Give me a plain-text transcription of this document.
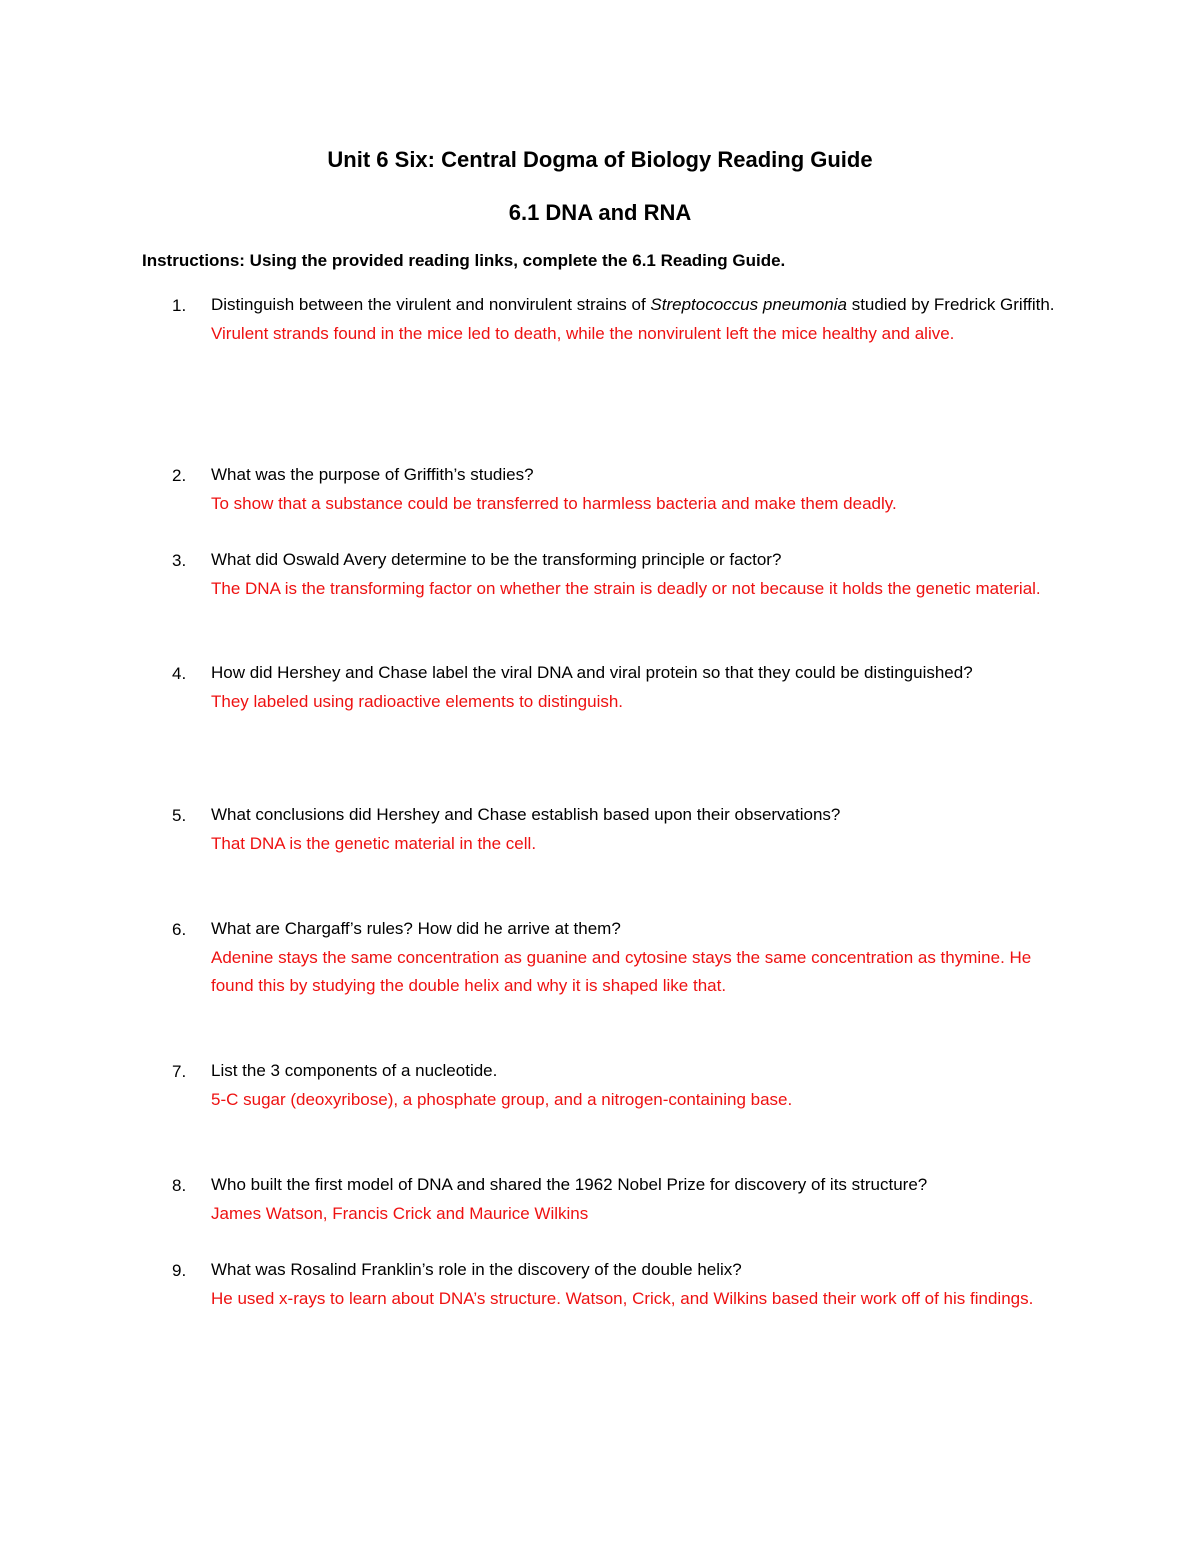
Unit 6 Six: Central Dogma of Biology Reading Guide
6.1 DNA and RNA

Instructions: Using the provided reading links, complete the 6.1 Reading Guide.

1. Distinguish between the virulent and nonvirulent strains of Streptococcus pneumonia studied by Fredrick Griffith.

Virulent strands found in the mice led to death, while the nonvirulent left the mice healthy and alive.

2. What was the purpose of Griffith’s studies?

To show that a substance could be transferred to harmless bacteria and make them deadly.

3. What did Oswald Avery determine to be the transforming principle or factor?

The DNA is the transforming factor on whether the strain is deadly or not because it holds the genetic material.

4. How did Hershey and Chase label the viral DNA and viral protein so that they could be distinguished?

They labeled using radioactive elements to distinguish.

5. What conclusions did Hershey and Chase establish based upon their observations?

That DNA is the genetic material in the cell.

6. What are Chargaff’s rules? How did he arrive at them?

Adenine stays the same concentration as guanine and cytosine stays the same concentration as thymine. He found this by studying the double helix and why it is shaped like that.

7. List the 3 components of a nucleotide.

5-C sugar (deoxyribose), a phosphate group, and a nitrogen-containing base.

8. Who built the first model of DNA and shared the 1962 Nobel Prize for discovery of its structure?

James Watson, Francis Crick and Maurice Wilkins

9. What was Rosalind Franklin’s role in the discovery of the double helix?

He used x-rays to learn about DNA’s structure. Watson, Crick, and Wilkins based their work off of his findings.
